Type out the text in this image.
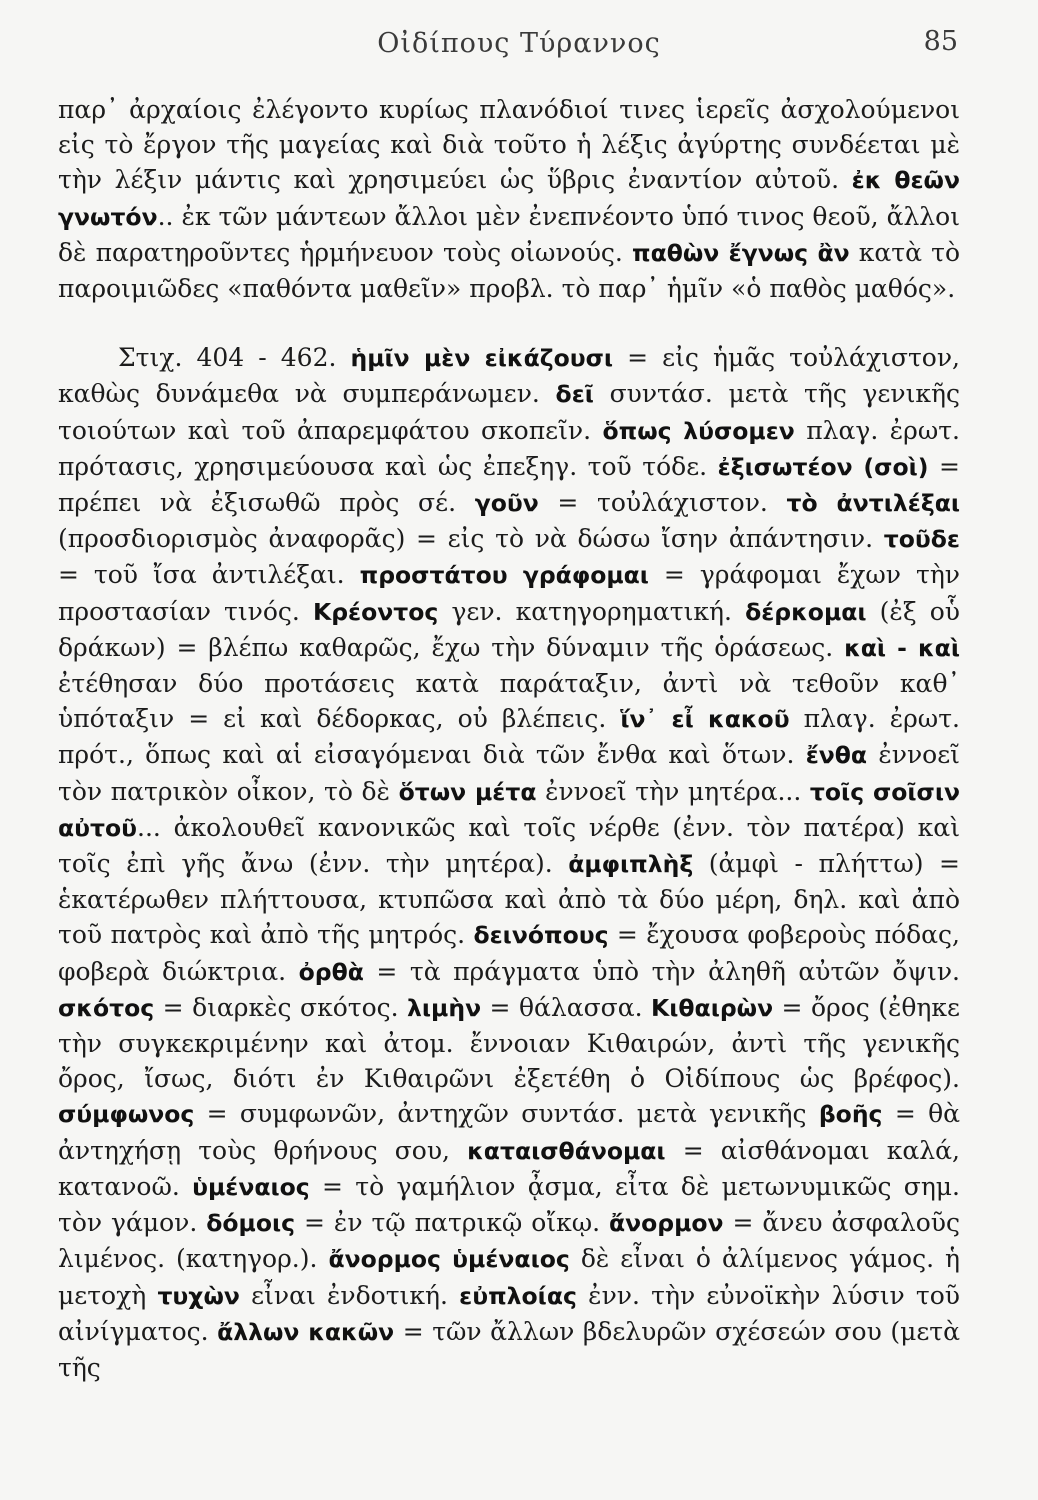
Οἰδίπους Τύραννος	85

παρ᾽ ἀρχαίοις ἐλέγοντο κυρίως πλανόδιοί τινες ἱερεῖς ἀσχολούμενοι εἰς τὸ ἔργον τῆς μαγείας καὶ διὰ τοῦτο ἡ λέξις ἀγύρτης συνδέεται μὲ τὴν λέξιν μάντις καὶ χρησιμεύει ὡς ὕβρις ἐναντίον αὐτοῦ. ἐκ θεῶν γνωτόν.. ἐκ τῶν μάντεων ἄλλοι μὲν ἐνεπνέοντο ὑπό τινος θεοῦ, ἄλλοι δὲ παρατηροῦντες ἡρμήνευον τοὺς οἰωνούς. παθὼν ἔγνως ἂν κατὰ τὸ παροιμιῶδες «παθόντα μαθεῖν» προβλ. τὸ παρ᾽ ἡμῖν «ὁ παθὸς μαθός».

Στιχ. 404 - 462. ἡμῖν μὲν εἰκάζουσι = εἰς ἡμᾶς τοὐλάχιστον, καθὼς δυνάμεθα νὰ συμπεράνωμεν. δεῖ συντάσ. μετὰ τῆς γενικῆς τοιούτων καὶ τοῦ ἀπαρεμφάτου σκοπεῖν. ὅπως λύσομεν πλαγ. ἐρωτ. πρότασις, χρησιμεύουσα καὶ ὡς ἐπεξηγ. τοῦ τόδε. ἐξισωτέον (σοὶ) = πρέπει νὰ ἐξισωθῶ πρὸς σέ. γοῦν = τοὐλάχιστον. τὸ ἀντιλέξαι (προσδιορισμὸς ἀναφορᾶς) = εἰς τὸ νὰ δώσω ἴσην ἀπάντησιν. τοῦδε = τοῦ ἴσα ἀντιλέξαι. προστάτου γράφομαι = γράφομαι ἔχων τὴν προστασίαν τινός. Κρέοντος γεν. κατηγορηματική. δέρκομαι (ἐξ οὗ δράκων) = βλέπω καθαρῶς, ἔχω τὴν δύναμιν τῆς ὁράσεως. καὶ - καὶ ἐτέθησαν δύο προτάσεις κατὰ παράταξιν, ἀντὶ νὰ τεθοῦν καθ᾽ ὑπόταξιν = εἰ καὶ δέδορκας, οὐ βλέπεις. ἵν᾽ εἶ κακοῦ πλαγ. ἐρωτ. πρότ., ὅπως καὶ αἱ εἰσαγόμεναι διὰ τῶν ἔνθα καὶ ὅτων. ἔνθα ἐννοεῖ τὸν πατρικὸν οἶκον, τὸ δὲ ὅτων μέτα ἐννοεῖ τὴν μητέρα... τοῖς σοῖσιν αὐτοῦ... ἀκολουθεῖ κανονικῶς καὶ τοῖς νέρθε (ἐνν. τὸν πατέρα) καὶ τοῖς ἐπὶ γῆς ἄνω (ἐνν. τὴν μητέρα). ἀμφιπλὴξ (ἀμφὶ - πλήττω) = ἑκατέρωθεν πλήττουσα, κτυπῶσα καὶ ἀπὸ τὰ δύο μέρη, δηλ. καὶ ἀπὸ τοῦ πατρὸς καὶ ἀπὸ τῆς μητρός. δεινόπους = ἔχουσα φοβεροὺς πόδας, φοβερὰ διώκτρια. ὀρθὰ = τὰ πράγματα ὑπὸ τὴν ἀληθῆ αὐτῶν ὄψιν. σκότος = διαρκὲς σκότος. λιμὴν = θάλασσα. Κιθαιρὼν = ὄρος (ἐθηκε τὴν συγκεκριμένην καὶ ἀτομ. ἔννοιαν Κιθαιρών, ἀντὶ τῆς γενικῆς ὄρος, ἴσως, διότι ἐν Κιθαιρῶνι ἐξετέθη ὁ Οἰδίπους ὡς βρέφος). σύμφωνος = συμφωνῶν, ἀντηχῶν συντάσ. μετὰ γενικῆς βοῆς = θὰ ἀντηχήσῃ τοὺς θρήνους σου, καταισθάνομαι = αἰσθάνομαι καλά, κατανοῶ. ὑμέναιος = τὸ γαμήλιον ᾆσμα, εἶτα δὲ μετωνυμικῶς σημ. τὸν γάμον. δόμοις = ἐν τῷ πατρικῷ οἴκῳ. ἄνορμον = ἄνευ ἀσφαλοῦς λιμένος. (κατηγορ.). ἄνορμος ὑμέναιος δὲ εἶναι ὁ ἀλίμενος γάμος. ἡ μετοχὴ τυχὼν εἶναι ἐνδοτική. εὐπλοίας ἐνν. τὴν εὐνοϊκὴν λύσιν τοῦ αἰνίγματος. ἄλλων κακῶν = τῶν ἄλλων βδελυρῶν σχέσεών σου (μετὰ τῆς
